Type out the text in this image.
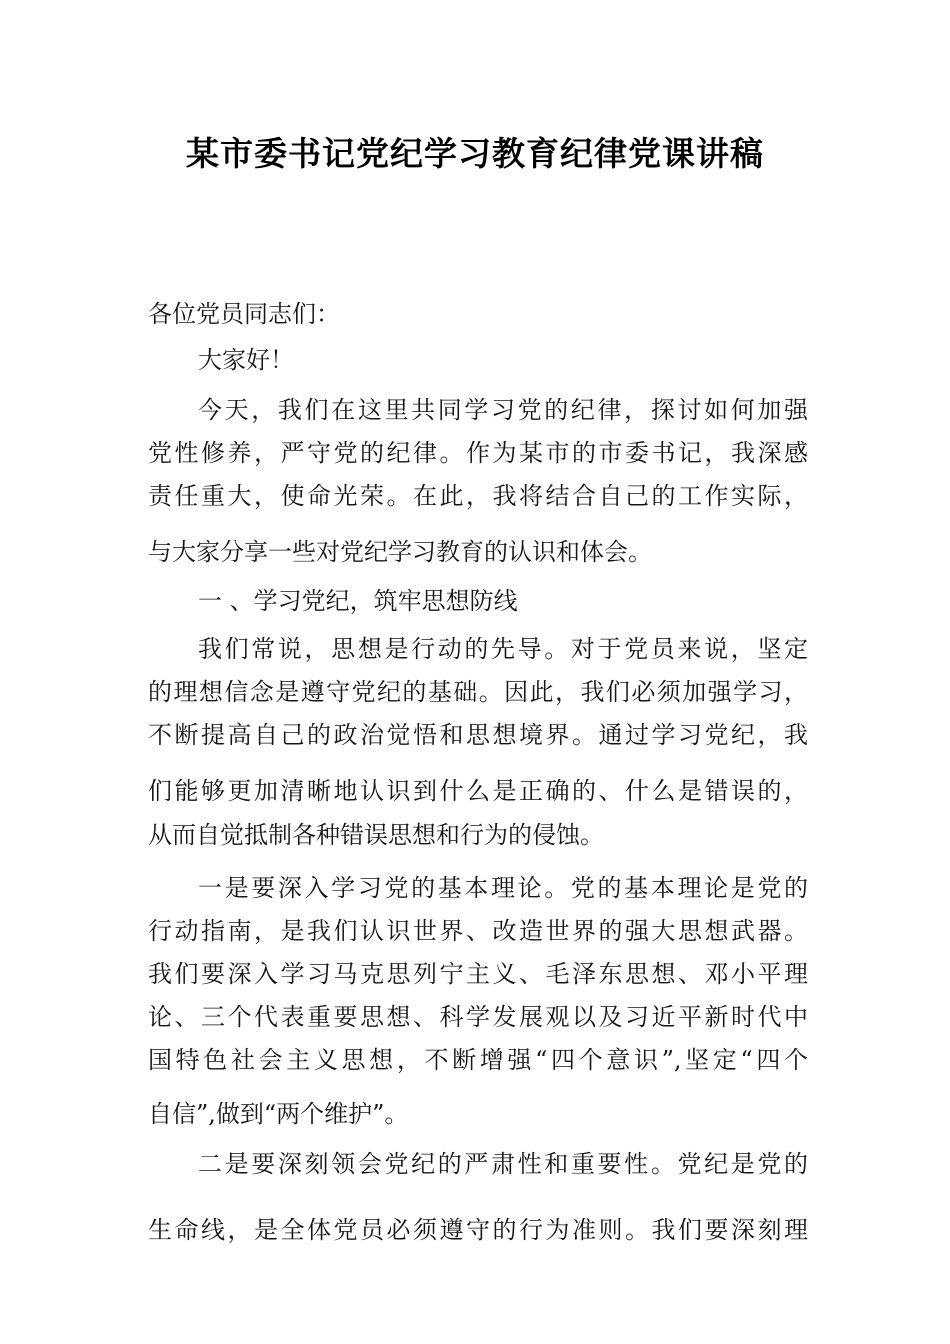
某市委书记党纪学习教育纪律党课讲稿
各位党员同志们：
大家好！
今天，我们在这里共同学习党的纪律，探讨如何加强
党性修养，严守党的纪律。作为某市的市委书记，我深感
责任重大，使命光荣。在此，我将结合自己的工作实际，
与大家分享一些对党纪学习教育的认识和体会。
一 、学习党纪，筑牢思想防线
我们常说，思想是行动的先导。对于党员来说，坚定
的理想信念是遵守党纪的基础。因此，我们必须加强学习，
不断提高自己的政治觉悟和思想境界。通过学习党纪，我
们能够更加清晰地认识到什么是正确的、什么是错误的，
从而自觉抵制各种错误思想和行为的侵蚀。
一是要深入学习党的基本理论。党的基本理论是党的
行动指南，是我们认识世界、改造世界的强大思想武器。
我们要深入学习马克思列宁主义、毛泽东思想、邓小平理
论、三个代表重要思想、科学发展观以及习近平新时代中
国特色社会主义思想，不断增强“四个意识”,坚定“四个
自信”,做到“两个维护”。
二是要深刻领会党纪的严肃性和重要性。党纪是党的
生命线，是全体党员必须遵守的行为准则。我们要深刻理
